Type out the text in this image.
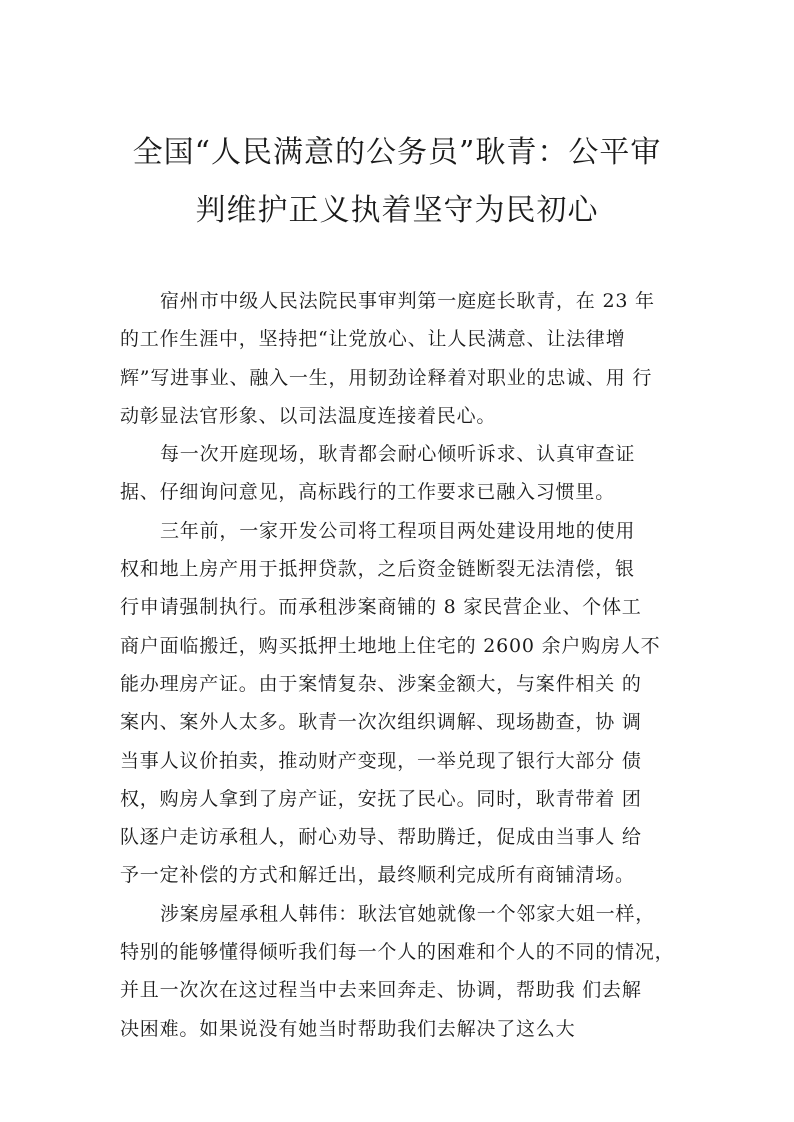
全国“人民满意的公务员”耿青：公平审
判维护正义执着坚守为民初心
宿州市中级人民法院民事审判第一庭庭长耿青，在 23 年
的工作生涯中，坚持把“让党放心、让人民满意、让法律增
辉”写进事业、融入一生，用韧劲诠释着对职业的忠诚、用 行
动彰显法官形象、以司法温度连接着民心。
每一次开庭现场，耿青都会耐心倾听诉求、认真审查证
据、仔细询问意见，高标践行的工作要求已融入习惯里。
三年前，一家开发公司将工程项目两处建设用地的使用
权和地上房产用于抵押贷款，之后资金链断裂无法清偿，银
行申请强制执行。而承租涉案商铺的 8 家民营企业、个体工
商户面临搬迁，购买抵押土地地上住宅的 2600 余户购房人不
能办理房产证。由于案情复杂、涉案金额大，与案件相关 的
案内、案外人太多。耿青一次次组织调解、现场勘查，协 调
当事人议价拍卖，推动财产变现，一举兑现了银行大部分 债
权，购房人拿到了房产证，安抚了民心。同时，耿青带着 团
队逐户走访承租人，耐心劝导、帮助腾迁，促成由当事人 给
予一定补偿的方式和解迁出，最终顺利完成所有商铺清场。
涉案房屋承租人韩伟：耿法官她就像一个邻家大姐一样，
特别的能够懂得倾听我们每一个人的困难和个人的不同的情况，
并且一次次在这过程当中去来回奔走、协调，帮助我 们去解
决困难。如果说没有她当时帮助我们去解决了这么大
